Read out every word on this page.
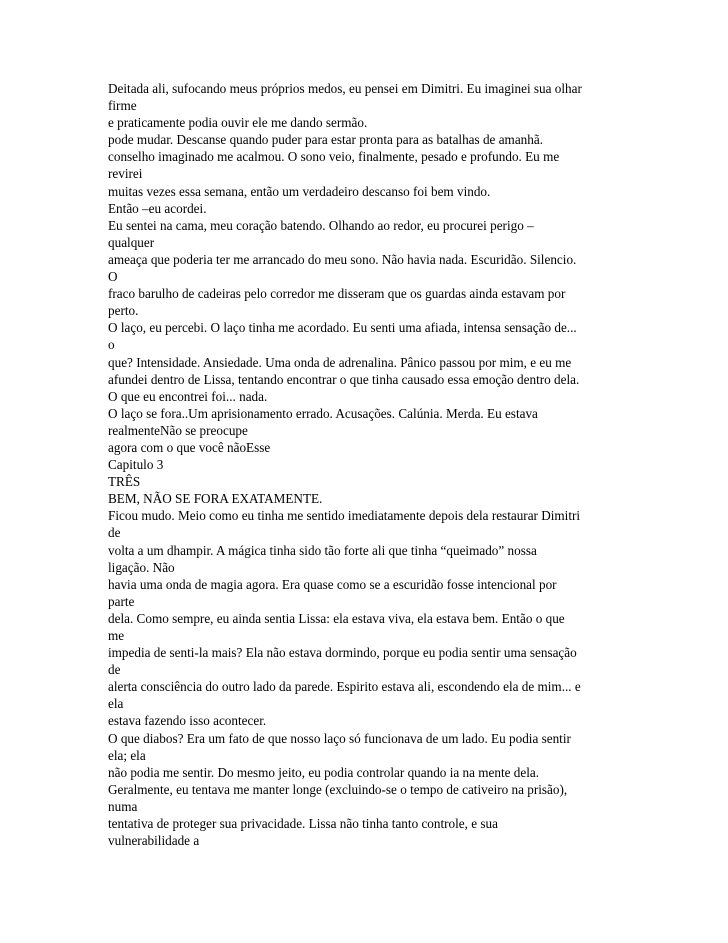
Deitada ali, sufocando meus próprios medos, eu pensei em Dimitri. Eu imaginei sua olhar
firme
e praticamente podia ouvir ele me dando sermão.
pode mudar. Descanse quando puder para estar pronta para as batalhas de amanhã.
conselho imaginado me acalmou. O sono veio, finalmente, pesado e profundo. Eu me
revirei
muitas vezes essa semana, então um verdadeiro descanso foi bem vindo.
Então –eu acordei.
Eu sentei na cama, meu coração batendo. Olhando ao redor, eu procurei perigo –
qualquer
ameaça que poderia ter me arrancado do meu sono. Não havia nada. Escuridão. Silencio.
O
fraco barulho de cadeiras pelo corredor me disseram que os guardas ainda estavam por
perto.
O laço, eu percebi. O laço tinha me acordado. Eu senti uma afiada, intensa sensação de...
o
que? Intensidade. Ansiedade. Uma onda de adrenalina. Pânico passou por mim, e eu me
afundei dentro de Lissa, tentando encontrar o que tinha causado essa emoção dentro dela.
O que eu encontrei foi... nada.
O laço se fora..Um aprisionamento errado. Acusações. Calúnia. Merda. Eu estava
realmenteNão se preocupe
agora com o que você nãoEsse
Capitulo 3
TRÊS
BEM, NÃO SE FORA EXATAMENTE.
Ficou mudo. Meio como eu tinha me sentido imediatamente depois dela restaurar Dimitri
de
volta a um dhampir. A mágica tinha sido tão forte ali que tinha “queimado” nossa
ligação. Não
havia uma onda de magia agora. Era quase como se a escuridão fosse intencional por
parte
dela. Como sempre, eu ainda sentia Lissa: ela estava viva, ela estava bem. Então o que
me
impedia de senti-la mais? Ela não estava dormindo, porque eu podia sentir uma sensação
de
alerta consciência do outro lado da parede. Espirito estava ali, escondendo ela de mim... e
ela
estava fazendo isso acontecer.
O que diabos? Era um fato de que nosso laço só funcionava de um lado. Eu podia sentir
ela; ela
não podia me sentir. Do mesmo jeito, eu podia controlar quando ia na mente dela.
Geralmente, eu tentava me manter longe (excluindo-se o tempo de cativeiro na prisão),
numa
tentativa de proteger sua privacidade. Lissa não tinha tanto controle, e sua
vulnerabilidade a
